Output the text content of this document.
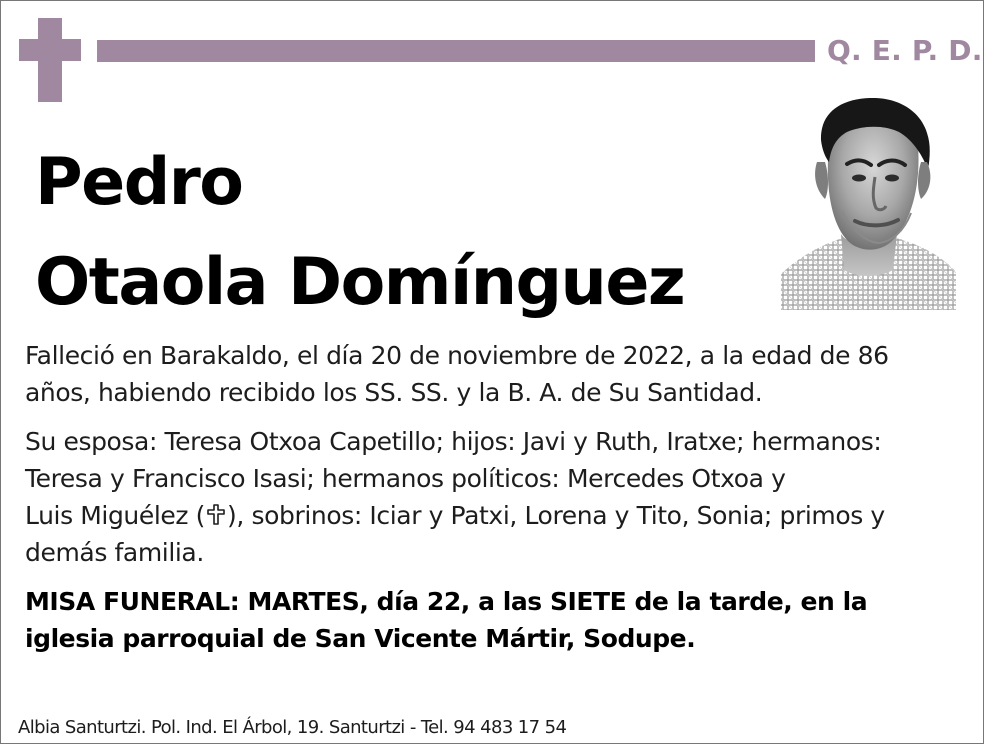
Q. E. P. D.
Pedro
Otaola Domínguez

Falleció en Barakaldo, el día 20 de noviembre de 2022, a la edad de 86 años, habiendo recibido los SS. SS. y la B. A. de Su Santidad.

Su esposa: Teresa Otxoa Capetillo; hijos: Javi y Ruth, Iratxe; hermanos:
Teresa y Francisco Isasi; hermanos políticos: Mercedes Otxoa y
Luis Miguélez ( ), sobrinos: Iciar y Patxi, Lorena y Tito, Sonia; primos y
demás familia.

MISA FUNERAL: MARTES, día 22, a las SIETE de la tarde, en la iglesia parroquial de San Vicente Mártir, Sodupe.

Albia Santurtzi. Pol. Ind. El Árbol, 19. Santurtzi - Tel. 94 483 17 54
